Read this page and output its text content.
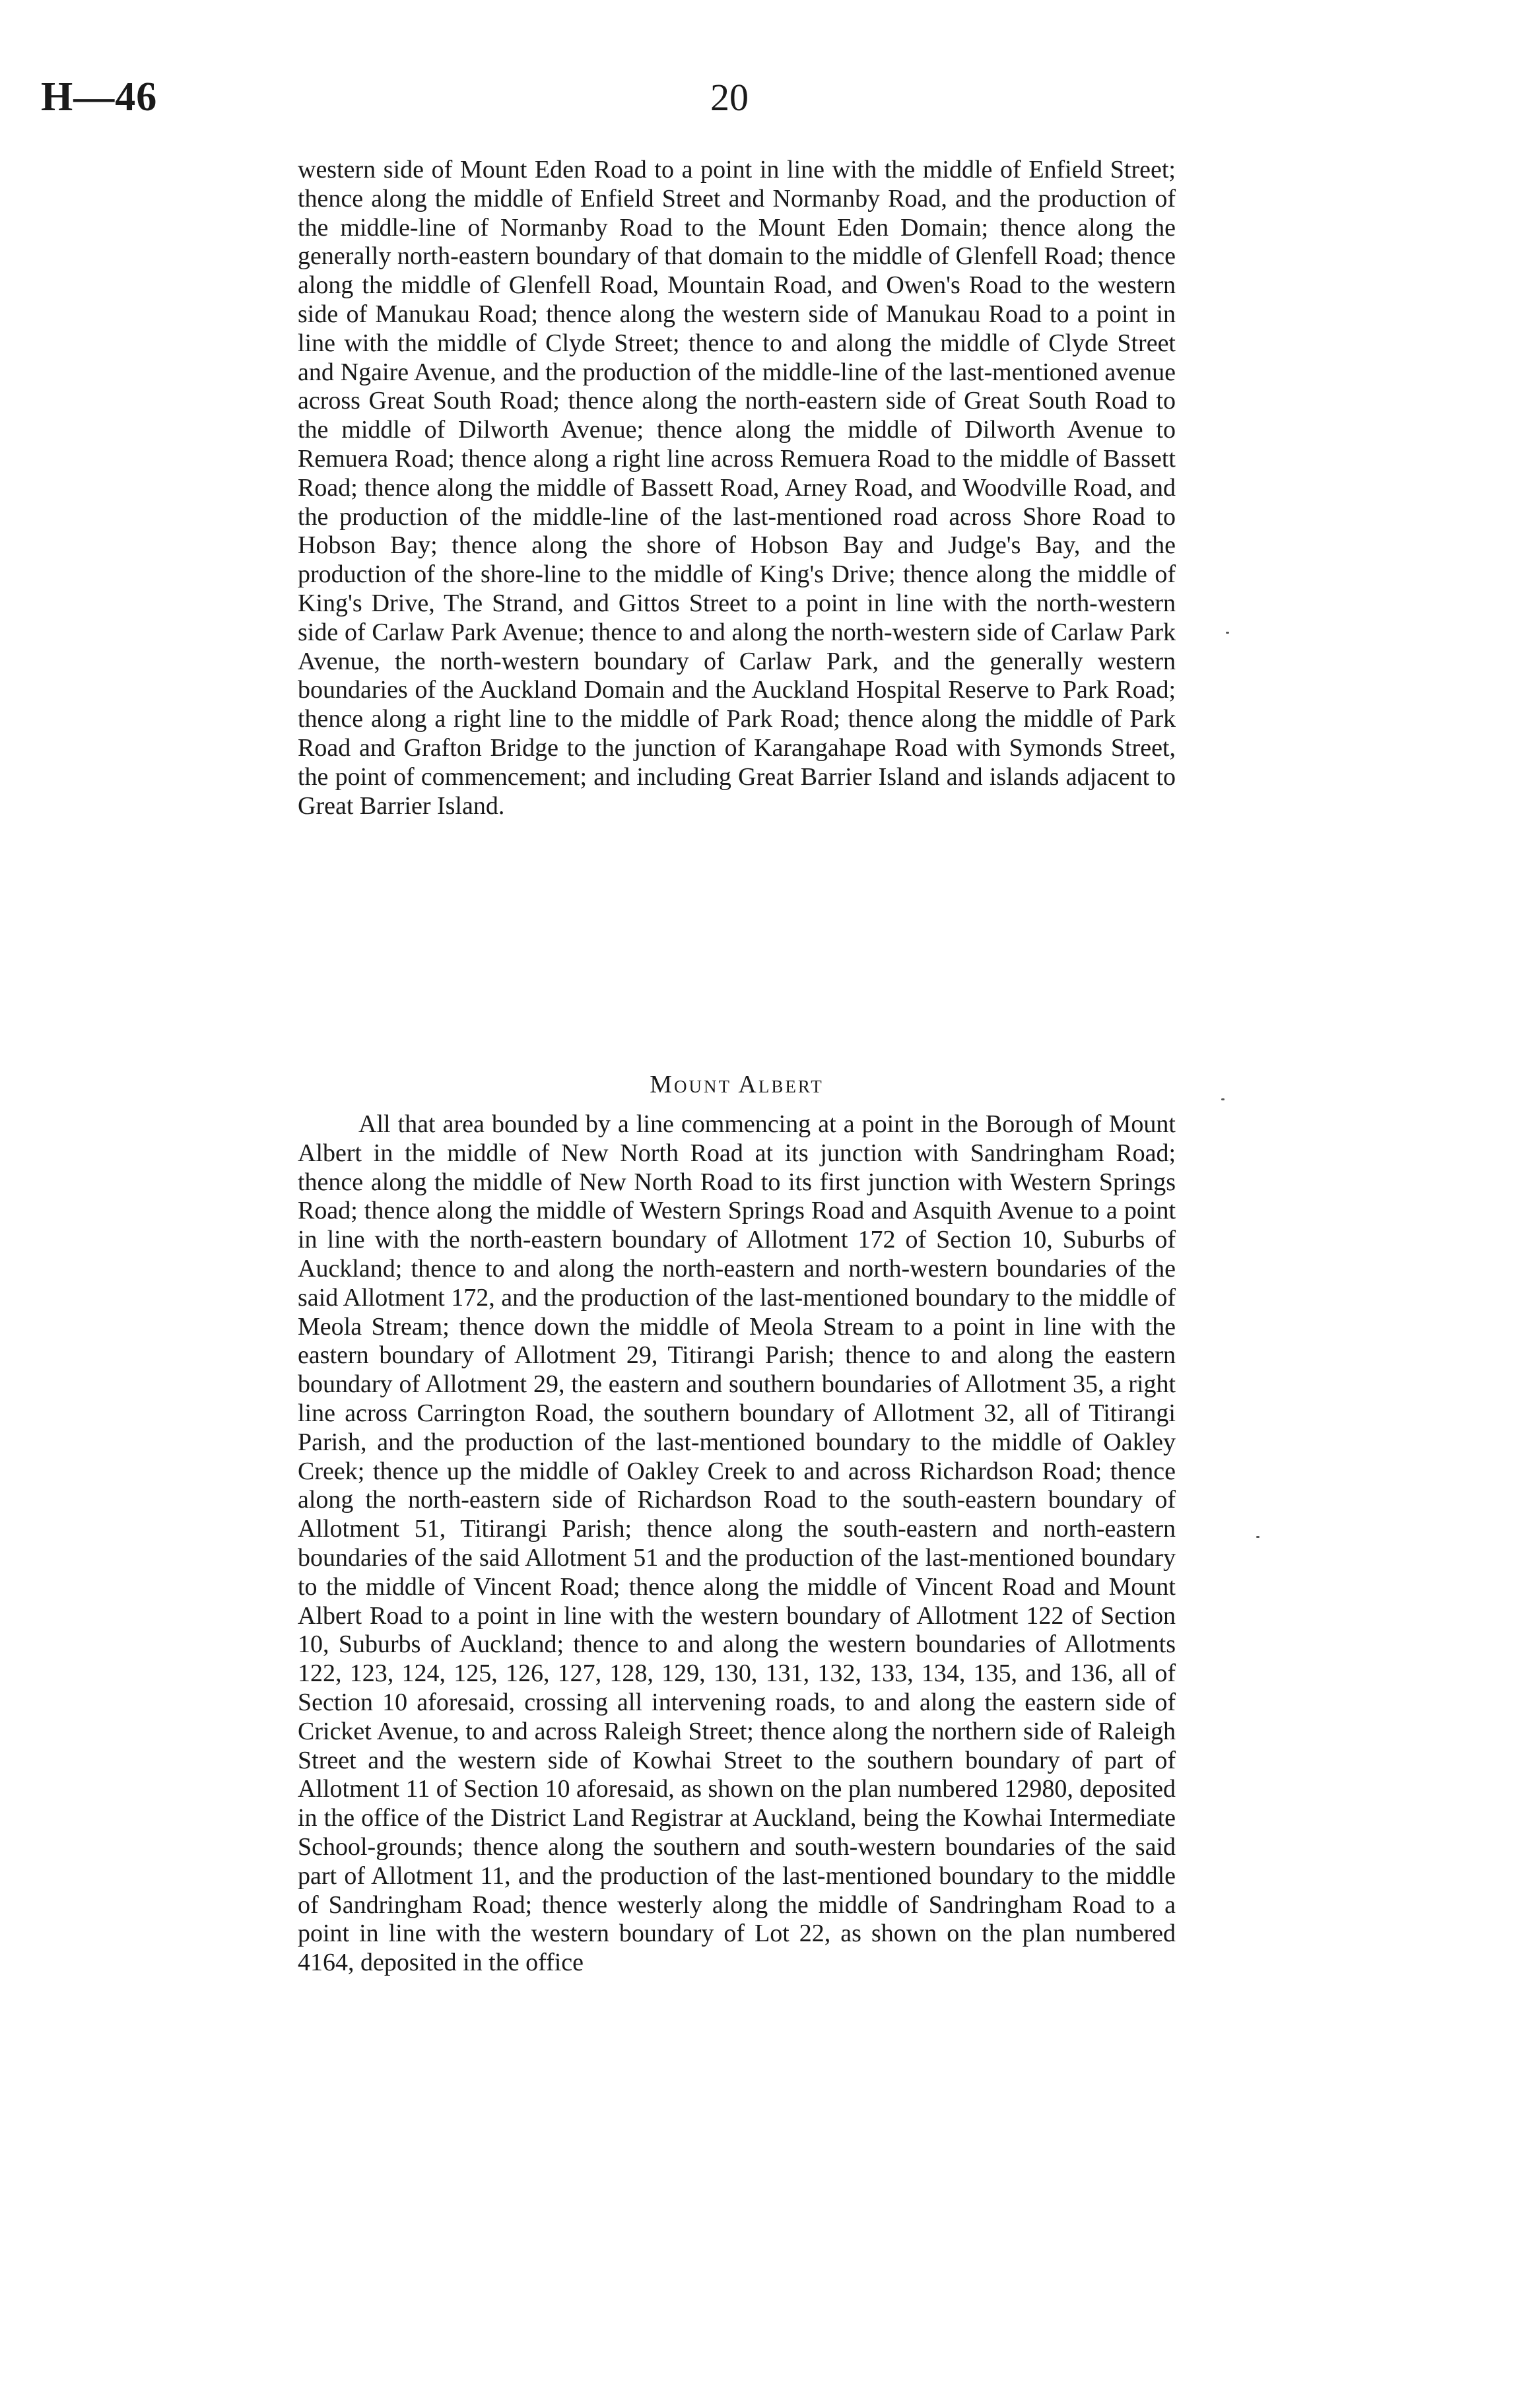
H—46	20

western side of Mount Eden Road to a point in line with the middle of Enfield Street; thence along the middle of Enfield Street and Normanby Road, and the production of the middle-line of Normanby Road to the Mount Eden Domain; thence along the generally north-eastern boundary of that domain to the middle of Glenfell Road; thence along the middle of Glenfell Road, Mountain Road, and Owen's Road to the western side of Manukau Road; thence along the western side of Manukau Road to a point in line with the middle of Clyde Street; thence to and along the middle of Clyde Street and Ngaire Avenue, and the production of the middle-line of the last-mentioned avenue across Great South Road; thence along the north-eastern side of Great South Road to the middle of Dilworth Avenue; thence along the middle of Dilworth Avenue to Remuera Road; thence along a right line across Remuera Road to the middle of Bassett Road; thence along the middle of Bassett Road, Arney Road, and Woodville Road, and the production of the middle-line of the last-mentioned road across Shore Road to Hobson Bay; thence along the shore of Hobson Bay and Judge's Bay, and the production of the shore-line to the middle of King's Drive; thence along the middle of King's Drive, The Strand, and Gittos Street to a point in line with the north-western side of Carlaw Park Avenue; thence to and along the north-western side of Carlaw Park Avenue, the north-western boundary of Carlaw Park, and the generally western boundaries of the Auckland Domain and the Auckland Hospital Reserve to Park Road; thence along a right line to the middle of Park Road; thence along the middle of Park Road and Grafton Bridge to the junction of Karangahape Road with Symonds Street, the point of commencement; and including Great Barrier Island and islands adjacent to Great Barrier Island.

Mount Albert

All that area bounded by a line commencing at a point in the Borough of Mount Albert in the middle of New North Road at its junction with Sandringham Road; thence along the middle of New North Road to its first junction with Western Springs Road; thence along the middle of Western Springs Road and Asquith Avenue to a point in line with the north-eastern boundary of Allotment 172 of Section 10, Suburbs of Auckland; thence to and along the north-eastern and north-western boundaries of the said Allotment 172, and the production of the last-mentioned boundary to the middle of Meola Stream; thence down the middle of Meola Stream to a point in line with the eastern boundary of Allotment 29, Titirangi Parish; thence to and along the eastern boundary of Allotment 29, the eastern and southern boundaries of Allotment 35, a right line across Carrington Road, the southern boundary of Allotment 32, all of Titirangi Parish, and the production of the last-mentioned boundary to the middle of Oakley Creek; thence up the middle of Oakley Creek to and across Richardson Road; thence along the north-eastern side of Richardson Road to the south-eastern boundary of Allotment 51, Titirangi Parish; thence along the south-eastern and north-eastern boundaries of the said Allotment 51 and the production of the last-mentioned boundary to the middle of Vincent Road; thence along the middle of Vincent Road and Mount Albert Road to a point in line with the western boundary of Allotment 122 of Section 10, Suburbs of Auckland; thence to and along the western boundaries of Allotments 122, 123, 124, 125, 126, 127, 128, 129, 130, 131, 132, 133, 134, 135, and 136, all of Section 10 aforesaid, crossing all intervening roads, to and along the eastern side of Cricket Avenue, to and across Raleigh Street; thence along the northern side of Raleigh Street and the western side of Kowhai Street to the southern boundary of part of Allotment 11 of Section 10 aforesaid, as shown on the plan numbered 12980, deposited in the office of the District Land Registrar at Auckland, being the Kowhai Intermediate School-grounds; thence along the southern and south-western boundaries of the said part of Allotment 11, and the production of the last-mentioned boundary to the middle of Sandringham Road; thence westerly along the middle of Sandringham Road to a point in line with the western boundary of Lot 22, as shown on the plan numbered 4164, deposited in the office
